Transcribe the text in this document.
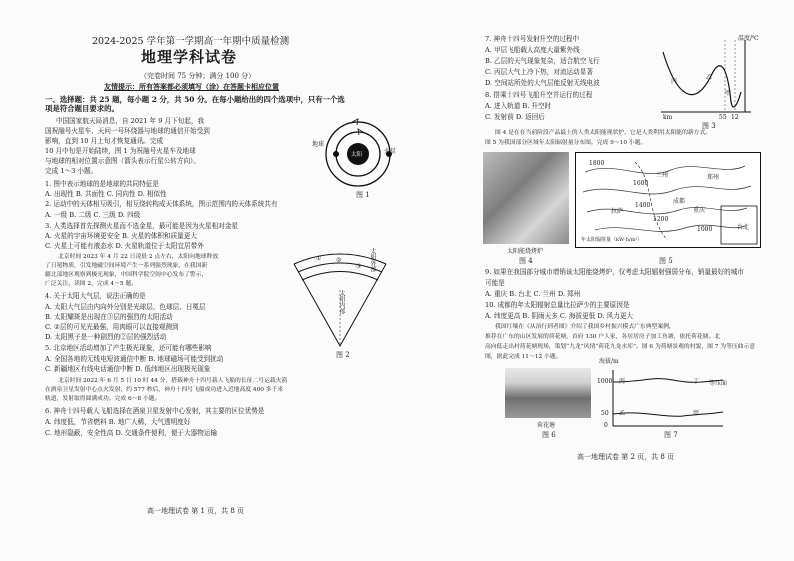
2024-2025 学年第一学期高一年期中质量检测
地理学科试卷
（完卷时间 75 分钟；满分 100 分）
友情提示：所有答案都必须填写（涂）在答题卡相应位置
一、选择题：共 25 题，每小题 2 分，共 50 分。在每小题给出的四个选项中，只有一个选
项是符合题目要求的。
中国国家航天局消息，自 2021 年 9 月下旬起，我
国祝融号火星车、天问一号环绕器与地球的通信开始受到
影响，直到 10 月上旬才恢复通讯。完成
10 月中旬是开始陆续，图 1 为祝融号火星车及地球
与地球的相对位置示意图（箭头表示行星公转方向）。
完成 1～3 小题。
太阳
地球
火星
图 1
1. 图中表示地球的是地球的共同特征是
A. 出现性 B. 共面性 C. 同向性 D. 相似性
2. 运动中的天体相互吸引，相互绕转构成天体系统，图示范围内的天体系统共有
A. 一级 B. 二级 C. 三级 D. 四级
3. 人类选择首先探测火星而不选金星，最可能是因为火星相对金星
A. 火星的宇宙环境更安全 B. 火星的体积和质量更大
C. 火星上可能有液态水 D. 火星轨道位于太阳宜居带外
北京时间 2023 年 4 月 22 日凌晨 2 点左右，太阳向地球释放
了日冕物质，引发地磁空间环境产生一系列强烈现象，在我国新
疆北部地区观察到极光现象，中国科学院空间中心发布了警示，
广泛关注。读图 2，完成 4～5 题。
4. 关于太阳大气层，说法正确的是
A. 太阳大气层由内向外分别是光球层、色球层、日冕层
B. 太阳耀斑是出现在③层的强烈的太阳活动
C. ②层的可见光最强，用肉眼可以直接观测到
D. 太阳黑子是一种剧烈的②层的强烈活动
5. 北京地区活动增加了产生极光现象，还可能有哪些影响
A. 全国各地的无线电短波通信中断 B. 地球磁场可能受到扰动
C. 新疆地区有线电话通信中断 D. 低纬地区出现极光现象
北京时间 2022 年 6 月 5 日 10 时 44 分，搭载神舟十四号载人飞船的长征二号运载火箭
在酒泉卫星发射中心点火发射，约 577 秒后，神舟十四号飞船成功进入近地高度 400 多千米
轨道，发射取得圆满成功。完成 6～8 小题。
6. 神舟十四号载人飞船选择在酒泉卫星发射中心发射，其主要的区位优势是
A. 纬度低，节省燃料 B. 地广人稀，大气透明度好
C. 地形隐蔽，安全性高 D. 交通条件便利，便于大器物运输
① ②
③ 太阳外部
太阳内部
图 2
高一地理试卷 第 1 页，共 8 页
7. 神舟十四号发射升空的过程中
A. 甲层飞船载人高度大量紫外线
B. 乙层的天气现象复杂，适合航空飞行
C. 丙层大气上冷下热，对流运动显著
D. 空间站所处的大气层能反射无线电波
8. 搭乘十四号飞船升空并运行的过程
A. 进入轨道 B. 升空时
C. 发射前 D. 返回后
温度/℃
丙
乙
甲
55 12
km
图 3
图 4 是在在当前阶段产品最上的人类太阳能现状炉，它是人类利用太阳能的新方式。
图 5 为我国部分区域年太阳辐射量分布图。完成 9～10 小题。
太阳能烧烤炉
图 4
兰州	郑州
成都
重庆
拉萨
台北
1800
1600
1400
1200
1000
年太阳辐射量（kW·h/m²）
图 5
9. 如果在我国部分城市增销该太阳能烧烤炉，仅考虑太阳辐射强弱分布，销量最好的城市
可能是
A. 重庆 B. 台北 C. 兰州 D. 郑州
10. 成都的年太阳辐射总量比拉萨少的主要原因是
A. 纬度更高 B. 阴雨天多 C. 海拔更低 D. 风力更大
我国红壤在《从治行到者图》介绍了我国乡村振兴模式广东典型案例，
推荐在广东的山区发展的荷花塘，首府 130 户人家，各居居房子加工鱼塘，依托荷花塘。北
高向低走出村荷花塘现场，策划“九龙”风情“荷花九龙水库”。图 6 为荷塘景观的村貌，图 7 为等压曲示意
图，据此完成 11～12 小题。
荷花塘
图 6
海拔/m
1000
50
0
丙	丁
乙	甲
等压面
图 7
高一地理试卷 第 2 页，共 8 页
